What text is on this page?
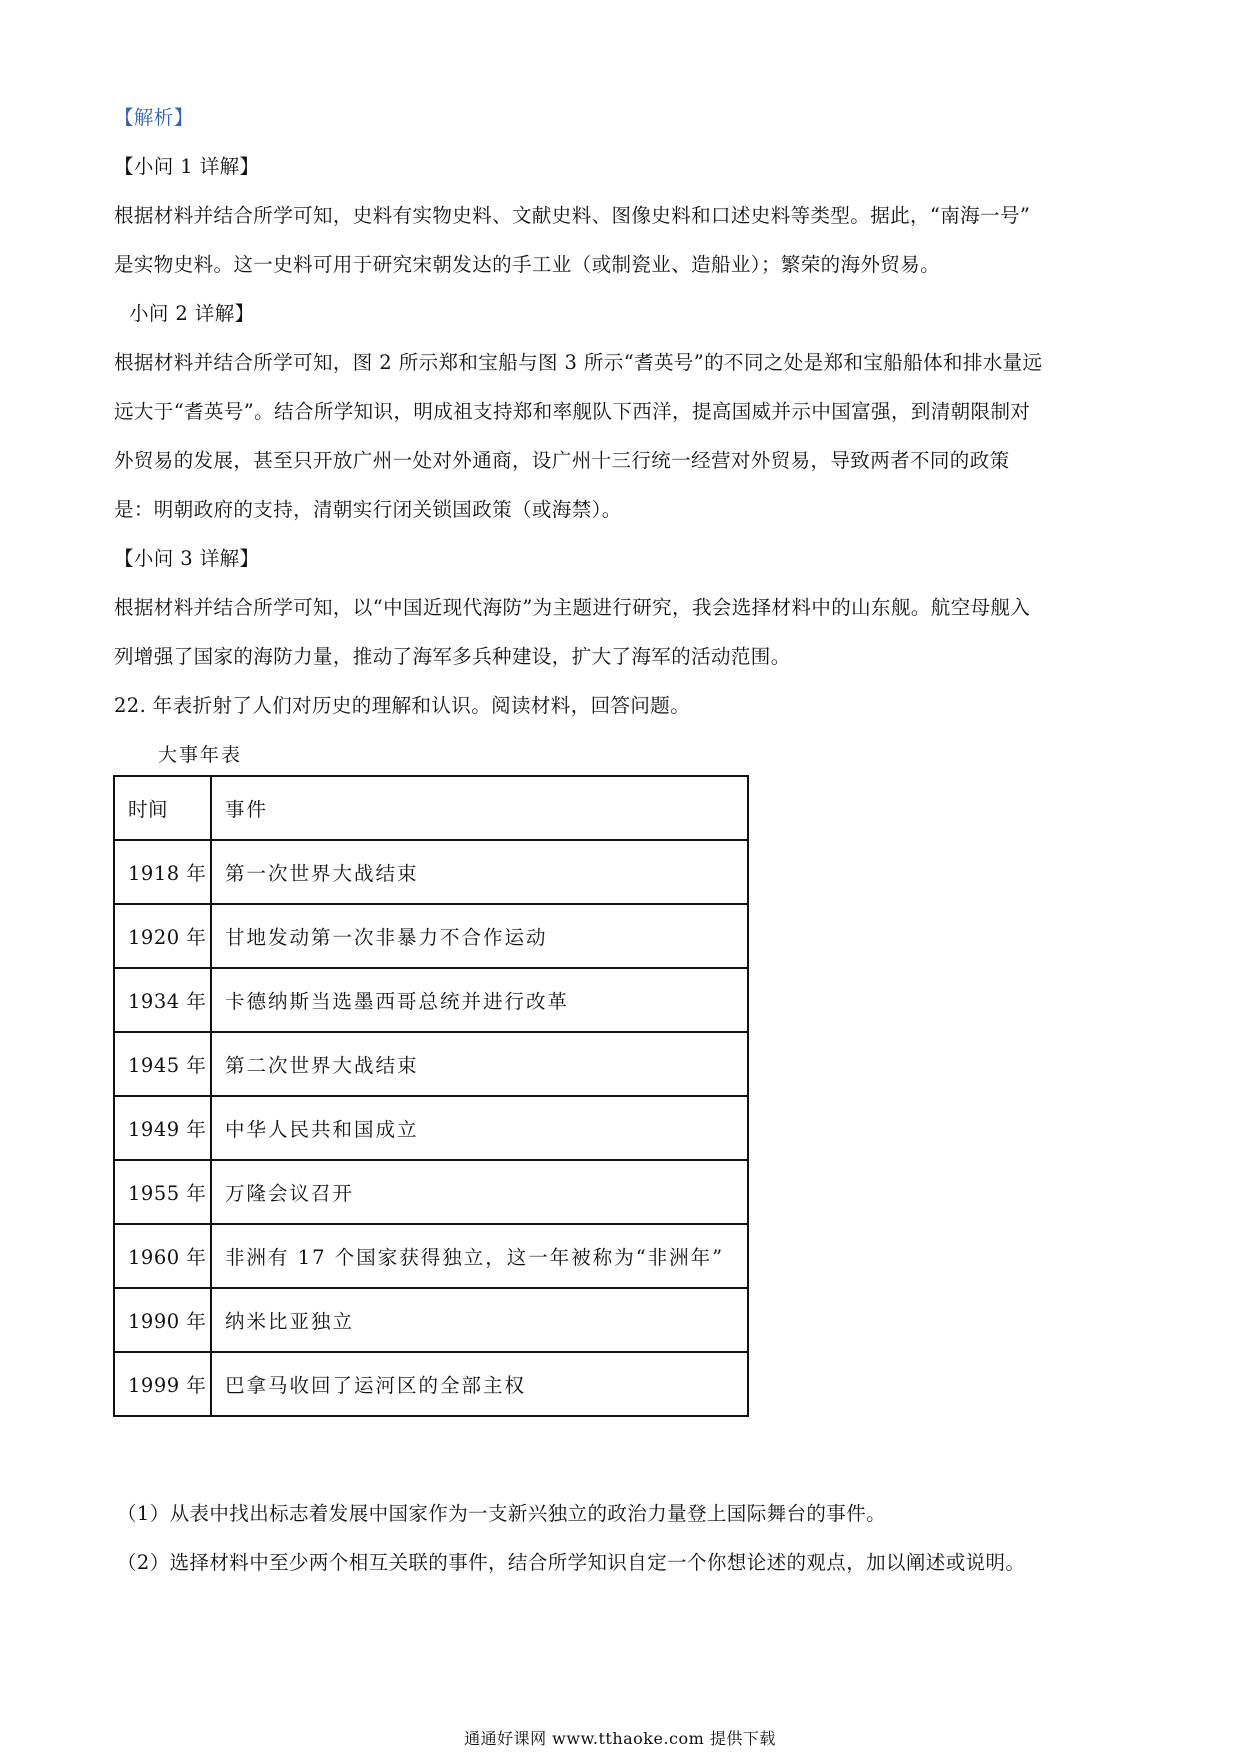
【解析】
【小问 1 详解】
根据材料并结合所学可知，史料有实物史料、文献史料、图像史料和口述史料等类型。据此，“南海一号”
是实物史料。这一史料可用于研究宋朝发达的手工业（或制瓷业、造船业）；繁荣的海外贸易。
小问 2 详解】
根据材料并结合所学可知，图 2 所示郑和宝船与图 3 所示“耆英号”的不同之处是郑和宝船船体和排水量远
远大于“耆英号”。结合所学知识，明成祖支持郑和率舰队下西洋，提高国威并示中国富强，到清朝限制对
外贸易的发展，甚至只开放广州一处对外通商，设广州十三行统一经营对外贸易，导致两者不同的政策
是：明朝政府的支持，清朝实行闭关锁国政策（或海禁）。
【小问 3 详解】
根据材料并结合所学可知，以“中国近现代海防”为主题进行研究，我会选择材料中的山东舰。航空母舰入
列增强了国家的海防力量，推动了海军多兵种建设，扩大了海军的活动范围。
22. 年表折射了人们对历史的理解和认识。阅读材料，回答问题。
大事年表
时间	事件
1918 年	第一次世界大战结束
1920 年	甘地发动第一次非暴力不合作运动
1934 年	卡德纳斯当选墨西哥总统并进行改革
1945 年	第二次世界大战结束
1949 年	中华人民共和国成立
1955 年	万隆会议召开
1960 年	非洲有 17 个国家获得独立，这一年被称为“非洲年”
1990 年	纳米比亚独立
1999 年	巴拿马收回了运河区的全部主权
（1）从表中找出标志着发展中国家作为一支新兴独立的政治力量登上国际舞台的事件。
（2）选择材料中至少两个相互关联的事件，结合所学知识自定一个你想论述的观点，加以阐述或说明。
通通好课网 www.tthaoke.com 提供下载
